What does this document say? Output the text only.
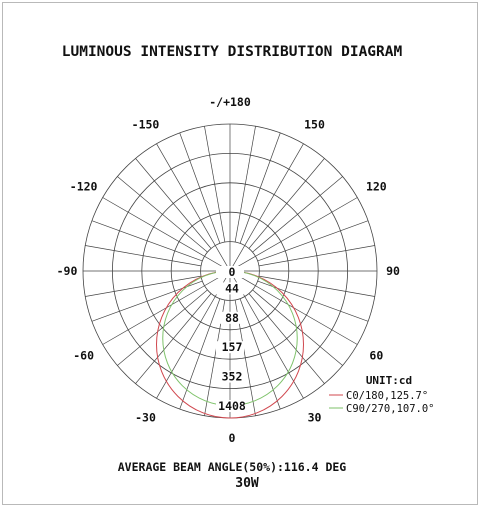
LUMINOUS INTENSITY DISTRIBUTION DIAGRAM
-/+180
150
-150
120
-120
90
-90
60
-60
30
-30
0
44
88
157
352
1408
0
UNIT:cd
C0/180,125.7°
C90/270,107.0°
AVERAGE BEAM ANGLE(50%):116.4 DEG
30W
